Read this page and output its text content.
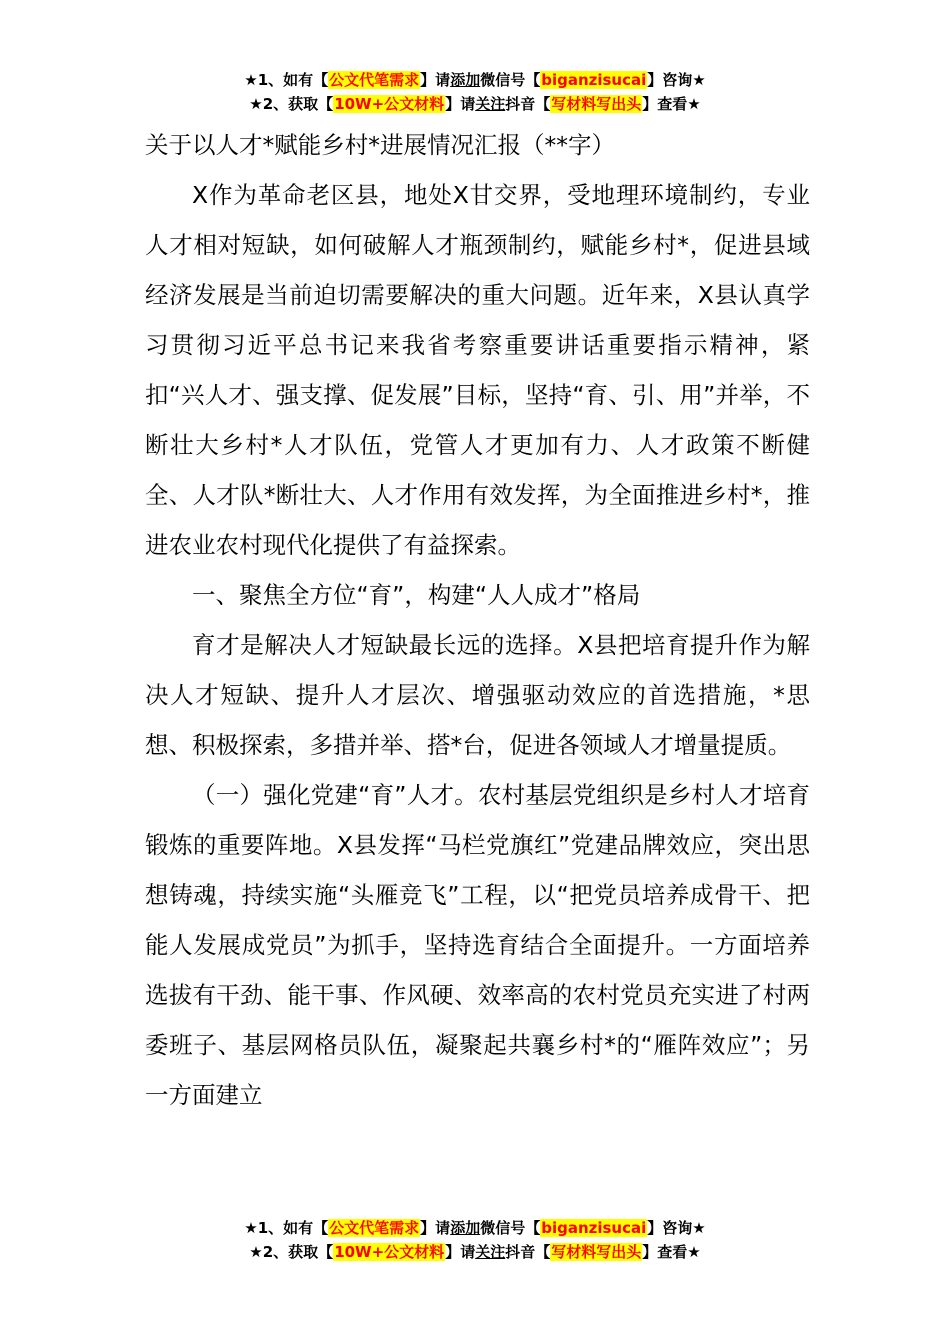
★1、如有【公文代笔需求】请添加微信号【biganzisucai】咨询★
★2、获取【10W+公文材料】请关注抖音【写材料写出头】查看★

关于以人才*赋能乡村*进展情况汇报（**字）

X作为革命老区县，地处X甘交界，受地理环境制约，专业人才相对短缺，如何破解人才瓶颈制约，赋能乡村*，促进县域经济发展是当前迫切需要解决的重大问题。近年来，X县认真学习贯彻习近平总书记来我省考察重要讲话重要指示精神，紧扣“兴人才、强支撑、促发展”目标，坚持“育、引、用”并举，不断壮大乡村*人才队伍，党管人才更加有力、人才政策不断健全、人才队*断壮大、人才作用有效发挥，为全面推进乡村*，推进农业农村现代化提供了有益探索。

一、聚焦全方位“育”，构建“人人成才”格局

育才是解决人才短缺最长远的选择。X县把培育提升作为解决人才短缺、提升人才层次、增强驱动效应的首选措施，*思想、积极探索，多措并举、搭*台，促进各领域人才增量提质。

（一）强化党建“育”人才。农村基层党组织是乡村人才培育锻炼的重要阵地。X县发挥“马栏党旗红”党建品牌效应，突出思想铸魂，持续实施“头雁竞飞”工程，以“把党员培养成骨干、把能人发展成党员”为抓手，坚持选育结合全面提升。一方面培养选拔有干劲、能干事、作风硬、效率高的农村党员充实进了村两委班子、基层网格员队伍，凝聚起共襄乡村*的“雁阵效应”；另一方面建立

★1、如有【公文代笔需求】请添加微信号【biganzisucai】咨询★
★2、获取【10W+公文材料】请关注抖音【写材料写出头】查看★
